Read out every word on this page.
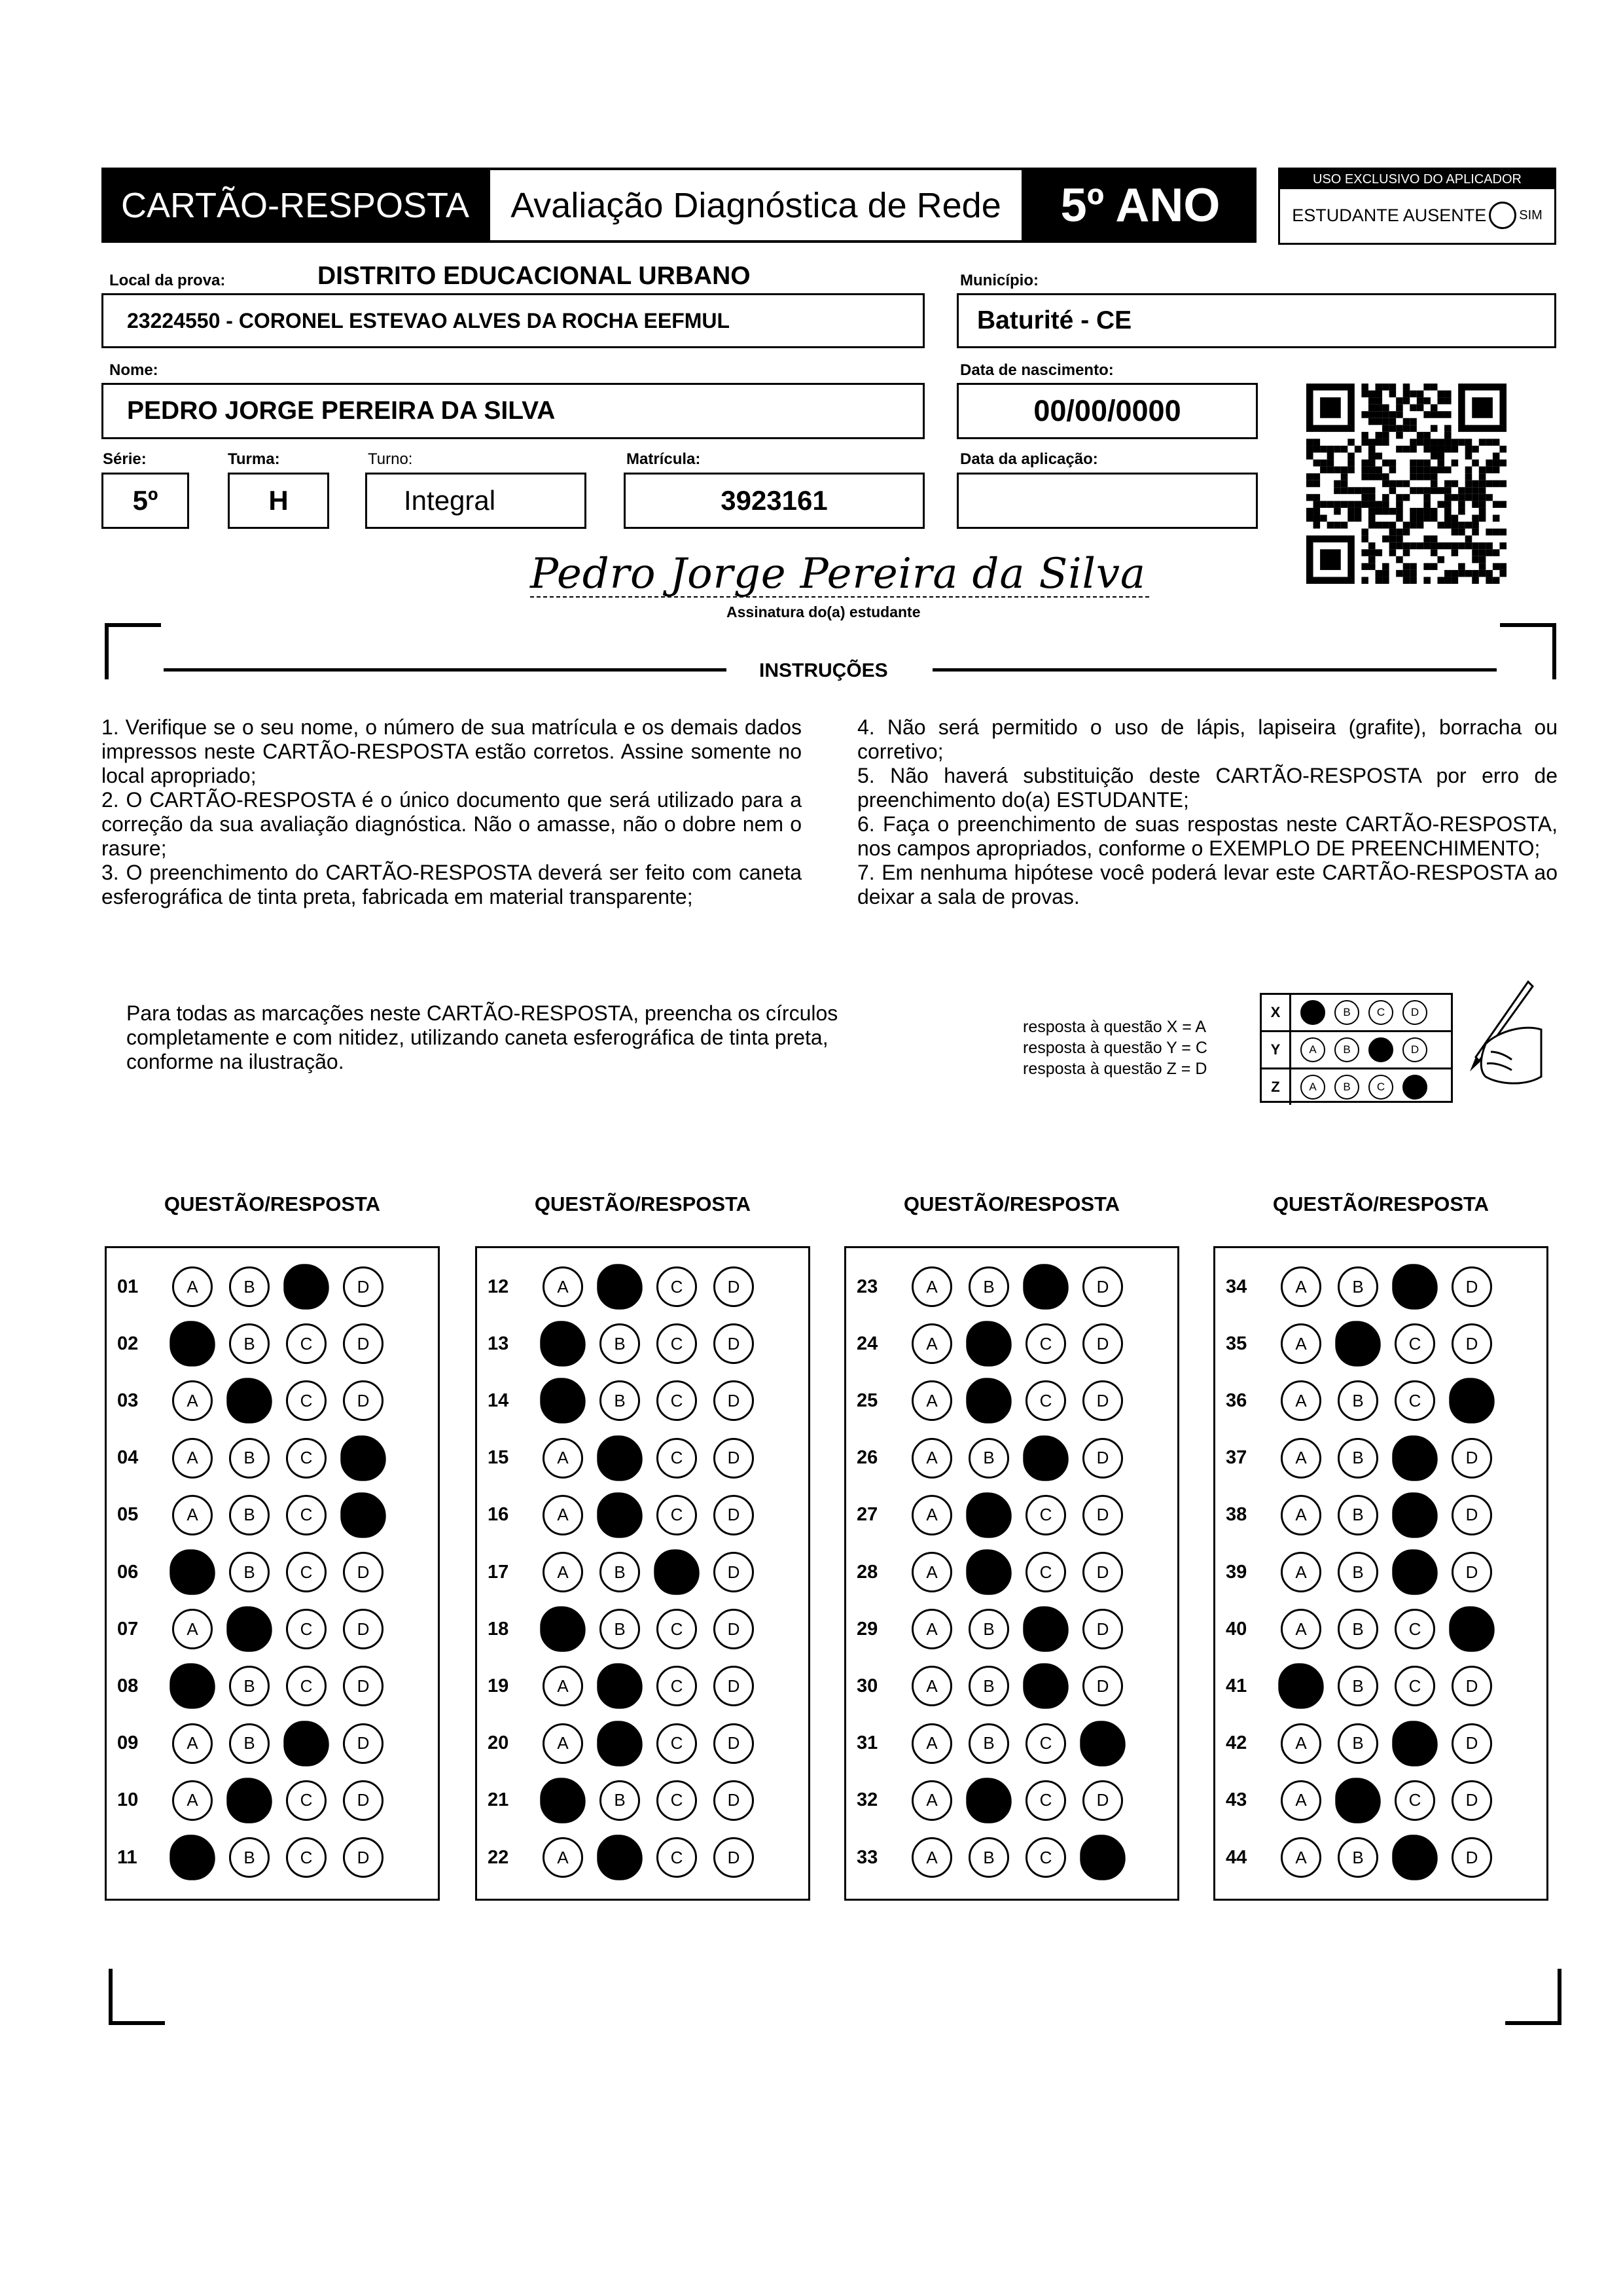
CARTÃO-RESPOSTA Avaliação Diagnóstica de Rede 5º ANO	USO EXCLUSIVO DO APLICADOR
ESTUDANTE AUSENTE	SIM
Local da prova:	DISTRITO EDUCACIONAL URBANO
23224550 - CORONEL ESTEVAO ALVES DA ROCHA EEFMUL
Município:
Baturité - CE
Nome:
PEDRO JORGE PEREIRA DA SILVA
Data de nascimento:
00/00/0000
Série:
5º
Turma:
H
Turno:
Integral
Matrícula:
3923161
Data da aplicação:
Pedro Jorge Pereira da Silva
Assinatura do(a) estudante
INSTRUÇÕES
1. Verifique se o seu nome, o número de sua matrícula e os demais dados impressos neste CARTÃO-RESPOSTA estão corretos. Assine somente no local apropriado;
2. O CARTÃO-RESPOSTA é o único documento que será utilizado para a correção da sua avaliação diagnóstica. Não o amasse, não o dobre nem o rasure;
3. O preenchimento do CARTÃO-RESPOSTA deverá ser feito com caneta esferográfica de tinta preta, fabricada em material transparente;
4. Não será permitido o uso de lápis, lapiseira (grafite), borracha ou corretivo;
5. Não haverá substituição deste CARTÃO-RESPOSTA por erro de preenchimento do(a) ESTUDANTE;
6. Faça o preenchimento de suas respostas neste CARTÃO-RESPOSTA, nos campos apropriados, conforme o EXEMPLO DE PREENCHIMENTO;
7. Em nenhuma hipótese você poderá levar este CARTÃO-RESPOSTA ao deixar a sala de provas.
Para todas as marcações neste CARTÃO-RESPOSTA, preencha os círculos completamente e com nitidez, utilizando caneta esferográfica de tinta preta, conforme na ilustração.
resposta à questão X = A
resposta à questão Y = C
resposta à questão Z = D
X	A	B	C	D
Y	A	B	C	D
Z	A	B	C	D
QUESTÃO/RESPOSTA
01	A	B	C	D
02	A	B	C	D
03	A	B	C	D
04	A	B	C	D
05	A	B	C	D
06	A	B	C	D
07	A	B	C	D
08	A	B	C	D
09	A	B	C	D
10	A	B	C	D
11	A	B	C	D
QUESTÃO/RESPOSTA
12	A	B	C	D
13	A	B	C	D
14	A	B	C	D
15	A	B	C	D
16	A	B	C	D
17	A	B	C	D
18	A	B	C	D
19	A	B	C	D
20	A	B	C	D
21	A	B	C	D
22	A	B	C	D
QUESTÃO/RESPOSTA
23	A	B	C	D
24	A	B	C	D
25	A	B	C	D
26	A	B	C	D
27	A	B	C	D
28	A	B	C	D
29	A	B	C	D
30	A	B	C	D
31	A	B	C	D
32	A	B	C	D
33	A	B	C	D
QUESTÃO/RESPOSTA
34	A	B	C	D
35	A	B	C	D
36	A	B	C	D
37	A	B	C	D
38	A	B	C	D
39	A	B	C	D
40	A	B	C	D
41	A	B	C	D
42	A	B	C	D
43	A	B	C	D
44	A	B	C	D
